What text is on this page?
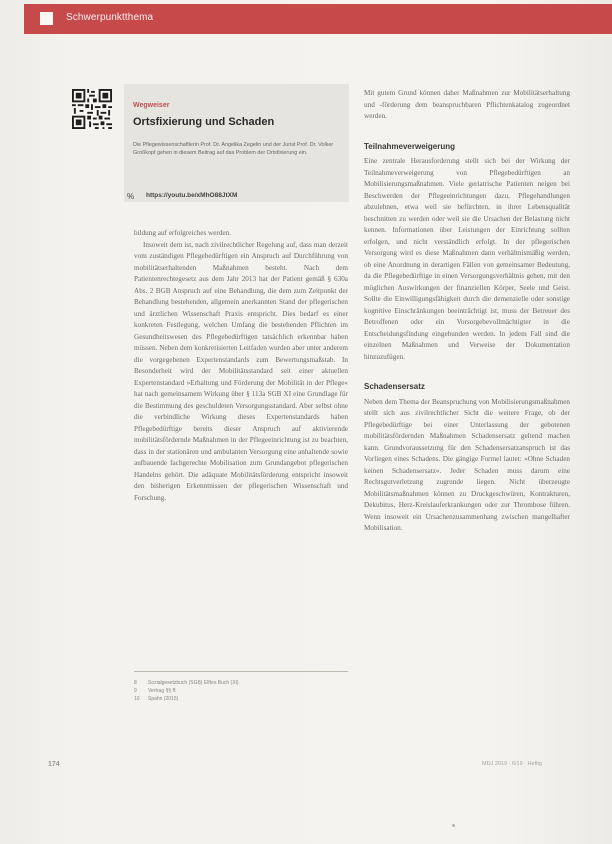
Schwerpunktthema
Wegweiser
Ortsfixierung und Schaden
Die Pflegewissenschaftlerin Prof. Dr. Angelika Zegelin und der Jurist Prof. Dr. Volker Großkopf gehen in diesem Beitrag auf das Problem der Ortsfixierung ein.
% https://youtu.be/xMhO88JtXM

bildung auf erfolgreiches werden.

Insoweit dem ist, nach zivilrechtlicher Regelung auf, dass man derzeit vom zuständigen Pflegebedürftigen ein Anspruch auf Durchführung von mobilitätserhaltenden Maßnahmen besteht. Nach dem Patientenrechtegesetz aus dem Jahr 2013 hat der Patient gemäß § 630a Abs. 2 BGB Anspruch auf eine Behandlung, die dem zum Zeitpunkt der Behandlung bestehenden, allgemein anerkannten Stand der pflegerischen und ärztlichen Wissenschaft Praxis entspricht. Dies bedarf es einer konkreten Festlegung, welchen Umfang die bestehenden Pflichten im Gesundheitswesen des Pflegebedürftigen tatsächlich erkennbar haben müssen. Neben dem konkretisierten Leitfaden wurden aber unter anderem die vorgegebenen Expertenstandards zum Bewertungsmaßstab. In Besonderheit wird der Mobilitätsstandard seit einer aktuellen Expertenstandard »Erhaltung und Förderung der Mobilität in der Pflege« hat nach gemeinsamem Wirkung über § 113a SGB XI eine Grundlage für die Bestimmung des geschuldeten Versorgungsstandard. Aber selbst ohne die verbindliche Wirkung dieses Expertenstandards haben Pflegebedürftige bereits dieser Anspruch auf aktivierende mobilitätsfördernde Maßnahmen in der Pflegeeinrichtung ist zu beachten, dass in der stationären und ambulanten Versorgung eine anhaltende sowie aufbauende fachgerechte Mobilisation zum Grundangebot pflegerischen Handelns gehört. Die adäquate Mobilitätsförderung entspricht insoweit den bisherigen Erkenntnissen der pflegerischen Wissenschaft und Forschung.

8	Sozialgesetzbuch (SGB) Elftes Buch (XI)
9	Vertrag §§ ff.
10	Spahn (2015)

Mit gutem Grund können daher Maßnahmen zur Mobilitätserhaltung und -förderung dem beanspruchbaren Pflichtenkatalog zugeordnet werden.

Teilnahmeverweigerung

Eine zentrale Herausforderung stellt sich bei der Wirkung der Teilnahmeverweigerung von Pflegebedürftigen an Mobilisierungsmaßnahmen. Viele geriatrische Patienten neigen bei Beschwerden der Pflegeeinrichtungen dazu, Pflegehandlungen abzulehnen, etwa weil sie befürchten, in ihrer Lebensqualität beschnitten zu werden oder weil sie die Ursachen der Belastung nicht kennen. Informationen über Leistungen der Einrichtung sollten erfolgen, und nicht verständlich erfolgt. In der pflegerischen Versorgung wird es diese Maßnahmen dann verhältnismäßig werden, ob eine Anordnung in derartigen Fällen von gemeinsamer Bedeutung, da die Pflegebedürftige in einen Versorgungsverhältnis gehen, mit den möglichen Auswirkungen der finanziellen Körper, Seele und Geist. Sollte die Einwilligungsfähigkeit durch die demenzielle oder sonstige kognitive Einschränkungen beeinträchtigt ist, muss der Betreuer des Betroffenen oder ein Vorsorgebevollmächtigter in die Entscheidungsfindung eingebunden werden. In jedem Fall sind die einzelnen Maßnahmen und Verweise der Dokumentation hinzuzufügen.

Schadensersatz

Neben dem Thema der Beanspruchung von Mobilisierungsmaßnahmen stellt sich aus zivilrechtlicher Sicht die weitere Frage, ob der Pflegebedürftige bei einer Unterlassung der gebotenen mobilitätsfördernden Maßnahmen Schadensersatz geltend machen kann. Grundvoraussetzung für den Schadensersatzanspruch ist das Vorliegen eines Schadens. Die gängige Formel lautet: »Ohne Schaden keinen Schadensersatz«. Jeder Schaden muss darum eine Rechtsgutverletzung zugrunde liegen. Nicht überzeugte Mobilitätsmaßnahmen können zu Druckgeschwüren, Kontrakturen, Dekubitus, Herz-Kreislauferkrankungen oder zur Thrombose führen. Wenn insoweit ein Ursachenzusammenhang zwischen mangelhafter Mobilisation.

174	MDJ 2019 · 6/19 · Heftig
